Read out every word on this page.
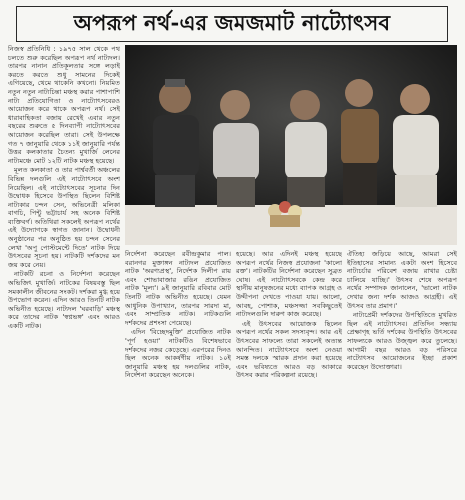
অপরূপ নর্থ-এর জমজমাট নাট্যোৎসব

নিজস্ব প্রতিনিধি : ১৯৭৫ সাল থেকে পথ চলতে শুরু করেছিল অপরূপ নর্থ নাট্যদল। তারপর নানান প্রতিকূলতার সঙ্গে লড়াই করতে করতে শুধু সামনের দিকেই এগিয়েছে, থেমে থাকেনি কখনো। নিয়মিত নতুন নতুন নাট্যচিন্তা মঞ্চস্থ করার পাশাপাশি নাট্য প্রতিযোগিতা ও নাট্যোৎসবেরও আয়োজন করে থাকে অপরূপ নর্থ। সেই ধারাবাহিকতা বজায় রেখেই এবার নতুন বছরের শুরুতে ৫ দিনব্যাপী নাট্যোৎসবের আয়োজন করেছিল তারা। সেই উপলক্ষে গত ৭ জানুয়ারি থেকে ১১ই জানুয়ারি পর্যন্ত উত্তর কলকাতার চৈতন্য মুখার্জি লেনের নাট্যমঞ্চে মোট ১২টি নাটক মঞ্চস্থ হয়েছে।

মূলত কলকাতা ও তার পার্শ্ববর্তী অঞ্চলের বিভিন্ন দলগুলি এই নাট্যোৎসবে অংশ নিয়েছিল। এই নাট্যোৎসবের সূচনার দিন উদ্বোধক হিসেবে উপস্থিত ছিলেন বিশিষ্ট নাট্যকার চন্দন সেন, অভিনেত্রী মলিকা বাগচি, পিন্টু ভট্টাচার্য সহ অনেক বিশিষ্ট ব্যক্তিবর্গ। অতিথিরা সকলেই অপরূপ নর্থের এই উদ্যোগকে স্বাগত জানান। উদ্বোধনী অনুষ্ঠানের পর অনুষ্ঠিত হয় চন্দন সেনের লেখা 'অপু পোস্টমেন্টে দিতে' নাটক দিয়ে উৎসবের সূচনা হয়। নাটকটি দর্শকদের মন জয় করে নেয়।

নাটকটি রচনা ও নির্দেশনা করেছেন অভিজিৎ মুখার্জি। নাটকের বিষয়বস্তু ছিল সমকালীন জীবনের সংকট। দর্শকরা মুগ্ধ হয়ে উপভোগ করেন। এদিন আরও তিনটি নাটক অভিনীত হয়েছে। নাট্যদল 'ঘরবাড়ি' মঞ্চস্থ করে তাদের নাটক 'স্বপ্নভঙ্গ' এবং আরও একটি নাটক।

নির্দেশনা করেছেন রবীন্দ্রকুমার পাল। বরানগর মুক্তাঙ্গন নাট্যদল প্রযোজিত নাটক 'অরণ্যপ্রস্থ', নির্দেশক দিলীপ রায় এবং শোভাবাজার রঙিন প্রযোজিত নাটক 'মূল্য'। ৯ই জানুয়ারি রবিবার মোট তিনটি নাটক অভিনীত হয়েছে। যেমন আধুনিক উপাখ্যান, তারপর সারদা মা, এবং সাম্প্রতিক নাটক। নাটকগুলি দর্শকদের প্রশংসা পেয়েছে।

এদিন 'বিচ্ছেদমুক্তি' প্রযোজিত নাটক 'পূর্ণ হওয়া' নাটকটিও বিশেষভাবে দর্শকদের নজর কেড়েছে। এরপরের দিনও ছিল অনেক আকর্ষণীয় নাটক। ১০ই জানুয়ারি মঞ্চস্থ হয় দলগুলির নাটক, নির্দেশনা করেছেন অনেকে।

হয়েছে। আর এদিনই মঞ্চস্থ হয়েছে অপরূপ নর্থের নিজস্ব প্রযোজনা 'কালো রক্ত'। নাটকটির নির্দেশনা করেছেন সুব্রত ঘোষ। এই নাট্যোৎসবকে কেন্দ্র করে স্থানীয় মানুষজনের মধ্যে ব্যাপক আগ্রহ ও উদ্দীপনা দেখতে পাওয়া যায়। আলো, আবহ, পোশাক, মঞ্চসজ্জা সবকিছুতেই নাট্যদলগুলি দারুণ কাজ করেছে।

এই উৎসবের আয়োজক ছিলেন অপরূপ নর্থের সকল সদস্যবৃন্দ। আর এই উৎসবের সাফল্যে তারা সকলেই অত্যন্ত আনন্দিত। নাট্যোৎসবে অংশ নেওয়া সমস্ত দলকে স্মারক প্রদান করা হয়েছে এবং ভবিষ্যতে আরও বড় আকারে উৎসব করার পরিকল্পনা রয়েছে।

ঐতিহ্য জড়িয়ে আছে, আমরা সেই ইতিহাসের সামান্য একটা অংশ হিসেবে নাট্যচর্চার পরিবেশ বজায় রাখার চেষ্টা চালিয়ে যাচ্ছি।' উৎসব শেষে অপরূপ নর্থের সম্পাদক জানালেন, 'ভালো নাটক দেখার জন্য দর্শক আজও আগ্রহী। এই উৎসব তার প্রমাণ।'

নাট্যপ্রেমী দর্শকদের উপস্থিতিতে মুখরিত ছিল এই নাট্যোৎসব। প্রতিদিন সন্ধ্যায় প্রেক্ষাগৃহ ভর্তি দর্শকের উপস্থিতি উৎসবের সাফল্যকে আরও উজ্জ্বল করে তুলেছে। আগামী বছর আরও বড় পরিসরে নাট্যোৎসব আয়োজনের ইচ্ছা প্রকাশ করেছেন উদ্যোক্তারা।
